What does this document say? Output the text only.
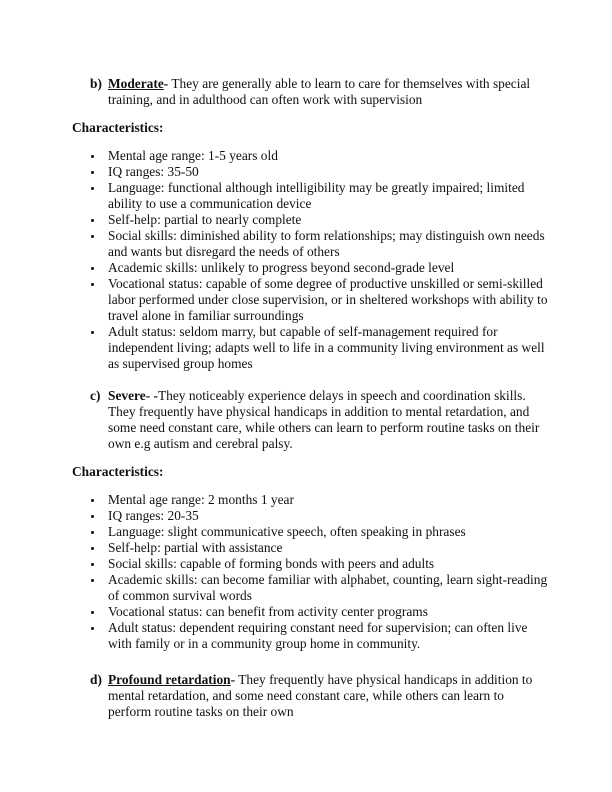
b) Moderate- They are generally able to learn to care for themselves with special training, and in adulthood can often work with supervision
Characteristics:
Mental age range: 1-5 years old
IQ ranges: 35-50
Language: functional although intelligibility may be greatly impaired; limited ability to use a communication device
Self-help: partial to nearly complete
Social skills: diminished ability to form relationships; may distinguish own needs and wants but disregard the needs of others
Academic skills: unlikely to progress beyond second-grade level
Vocational status: capable of some degree of productive unskilled or semi-skilled labor performed under close supervision, or in sheltered workshops with ability to travel alone in familiar surroundings
Adult status: seldom marry, but capable of self-management required for independent living; adapts well to life in a community living environment as well as supervised group homes
c) Severe- -They noticeably experience delays in speech and coordination skills. They frequently have physical handicaps in addition to mental retardation, and some need constant care, while others can learn to perform routine tasks on their own e.g autism and cerebral palsy.
Characteristics:
Mental age range: 2 months 1 year
IQ ranges: 20-35
Language: slight communicative speech, often speaking in phrases
Self-help: partial with assistance
Social skills: capable of forming bonds with peers and adults
Academic skills: can become familiar with alphabet, counting, learn sight-reading of common survival words
Vocational status: can benefit from activity center programs
Adult status: dependent requiring constant need for supervision; can often live with family or in a community group home in community.
d) Profound retardation- They frequently have physical handicaps in addition to mental retardation, and some need constant care, while others can learn to perform routine tasks on their own
